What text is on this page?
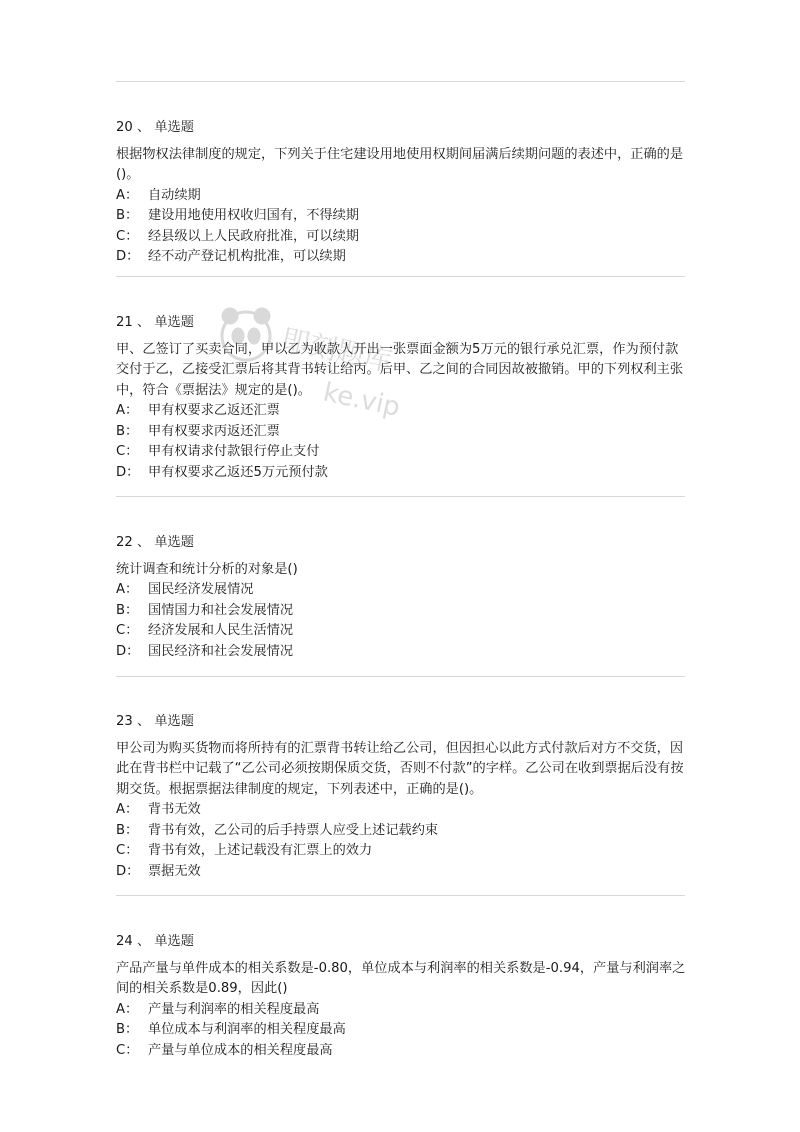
20 、 单选题
根据物权法律制度的规定，下列关于住宅建设用地使用权期间届满后续期问题的表述中，正确的是()。
A： 自动续期
B： 建设用地使用权收归国有，不得续期
C： 经县级以上人民政府批准，可以续期
D： 经不动产登记机构批准，可以续期
21 、 单选题
甲、乙签订了买卖合同，甲以乙为收款人开出一张票面金额为5万元的银行承兑汇票，作为预付款交付于乙，乙接受汇票后将其背书转让给丙。后甲、乙之间的合同因故被撤销。甲的下列权利主张中，符合《票据法》规定的是()。
A： 甲有权要求乙返还汇票
B： 甲有权要求丙返还汇票
C： 甲有权请求付款银行停止支付
D： 甲有权要求乙返还5万元预付款
22 、 单选题
统计调查和统计分析的对象是()
A： 国民经济发展情况
B： 国情国力和社会发展情况
C： 经济发展和人民生活情况
D： 国民经济和社会发展情况
23 、 单选题
甲公司为购买货物而将所持有的汇票背书转让给乙公司，但因担心以此方式付款后对方不交货，因此在背书栏中记载了“乙公司必须按期保质交货，否则不付款”的字样。乙公司在收到票据后没有按期交货。根据票据法律制度的规定，下列表述中，正确的是()。
A： 背书无效
B： 背书有效，乙公司的后手持票人应受上述记载约束
C： 背书有效，上述记载没有汇票上的效力
D： 票据无效
24 、 单选题
产品产量与单件成本的相关系数是-0.80，单位成本与利润率的相关系数是-0.94，产量与利润率之间的相关系数是0.89，因此()
A： 产量与利润率的相关程度最高
B： 单位成本与利润率的相关程度最高
C： 产量与单位成本的相关程度最高
即刻题库
ke.vip
